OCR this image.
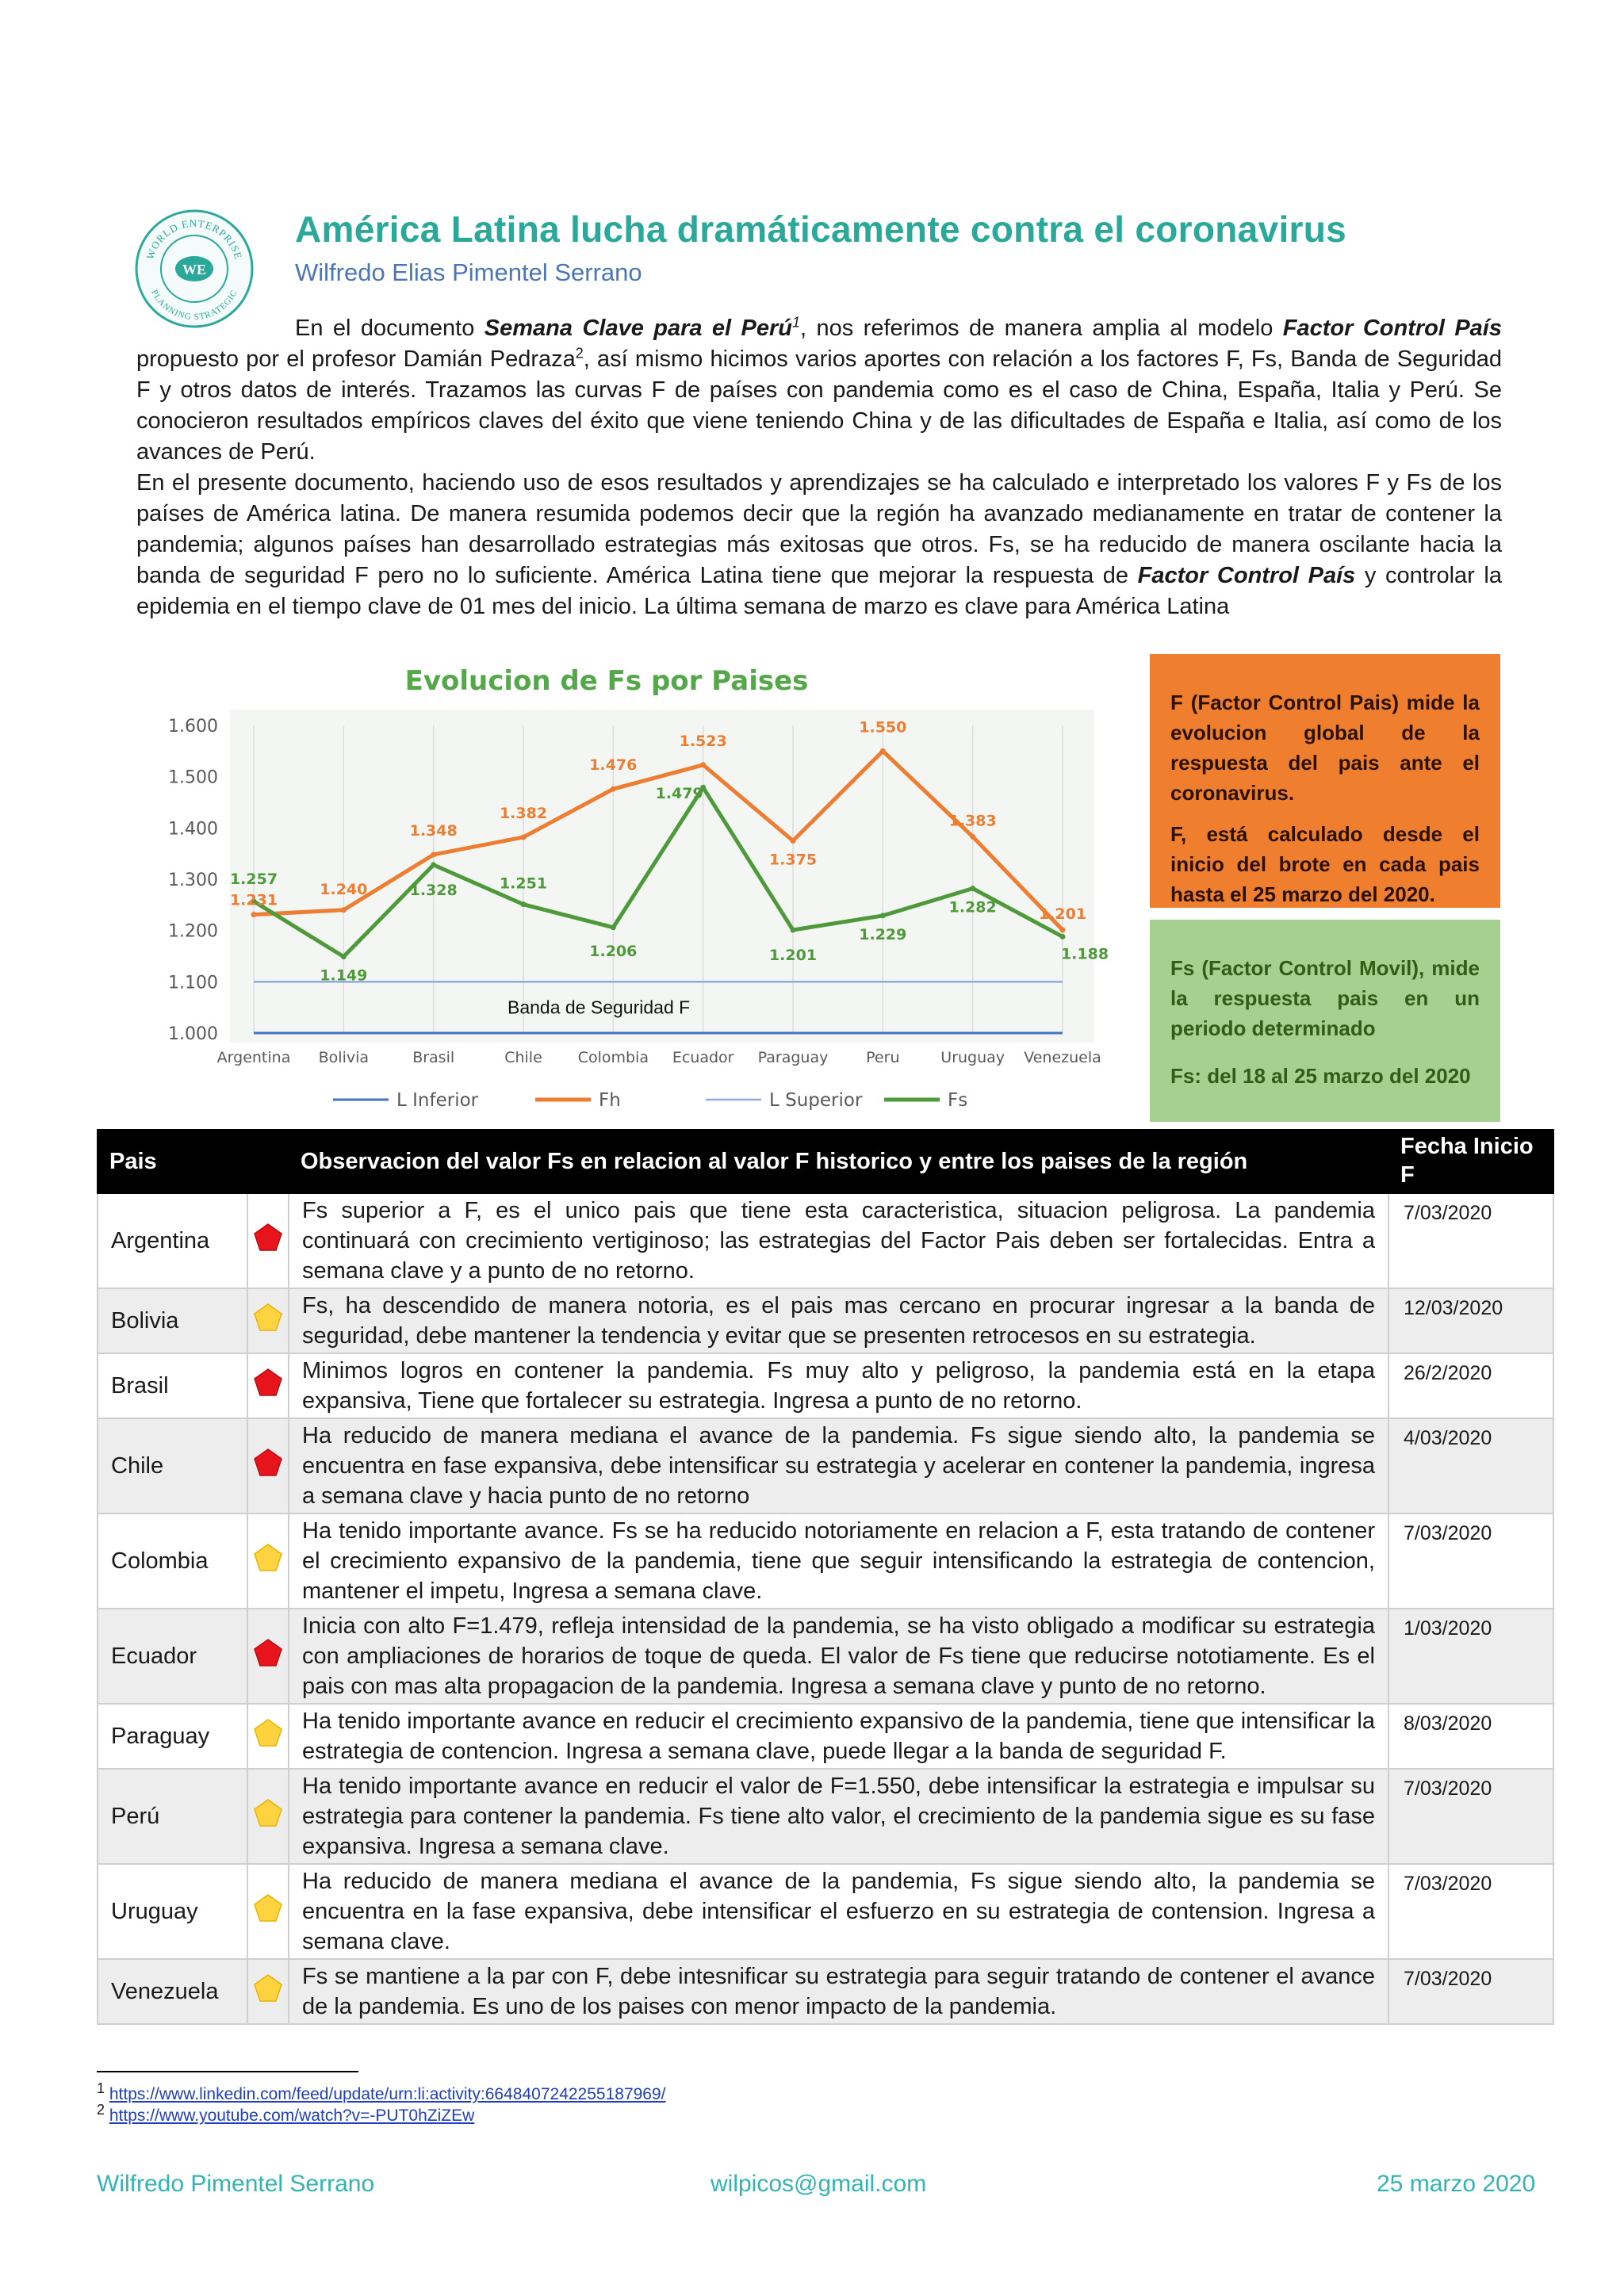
WORLD ENTERPRISE
PLANNING STRATEGIC
WE
América Latina lucha dramáticamente contra el coronavirus
Wilfredo Elias Pimentel Serrano
En el documento Semana Clave para el Perú$^1$, nos referimos de manera amplia al modelo Factor Control País propuesto por el profesor Damián Pedraza$^2$, así mismo hicimos varios aportes con relación a los factores F, Fs, Banda de Seguridad F y otros datos de interés. Trazamos las curvas F de países con pandemia como es el caso de China, España, Italia y Perú. Se conocieron resultados empíricos claves del éxito que viene teniendo China y de las dificultades de España e Italia, así como de los avances de Perú.
En el presente documento, haciendo uso de esos resultados y aprendizajes se ha calculado e interpretado los valores F y Fs de los países de América latina. De manera resumida podemos decir que la región ha avanzado medianamente en tratar de contener la pandemia; algunos países han desarrollado estrategias más exitosas que otros. Fs, se ha reducido de manera oscilante hacia la banda de seguridad F pero no lo suficiente. América Latina tiene que mejorar la respuesta de Factor Control País y controlar la epidemia en el tiempo clave de 01 mes del inicio. La última semana de marzo es clave para América Latina
Evolucion de Fs por Paises
1.000
1.100
1.200
1.300
1.400
1.500
1.600
Argentina Bolivia	Brasil	Chile Colombia Ecuador Paraguay	Peru	Uruguay Venezuela
1.231
1.240
1.348
1.382
1.476
1.523
1.375
1.550
1.383
1.201
1.257
1.149
1.328	1.251
1.206
1.479
1.201
1.229
1.282
1.188
Banda de Seguridad F
L Inferior	Fh	L Superior	Fs

F (Factor Control Pais) mide la evolucion global de la respuesta del pais ante el coronavirus.

F, está calculado desde el inicio del brote en cada pais hasta el 25 marzo del 2020.

Fs (Factor Control Movil), mide la respuesta pais en un periodo determinado

Fs: del 18 al 25 marzo del 2020

Pais		Observacion del valor Fs en relacion al valor F historico y entre los paises de la región	Fecha Inicio F
Argentina		Fs superior a F, es el unico pais que tiene esta caracteristica, situacion peligrosa. La pandemia continuará con crecimiento vertiginoso; las estrategias del Factor Pais deben ser fortalecidas. Entra a semana clave y a punto de no retorno.	7/03/2020
Bolivia		Fs, ha descendido de manera notoria, es el pais mas cercano en procurar ingresar a la banda de seguridad, debe mantener la tendencia y evitar que se presenten retrocesos en su estrategia.	12/03/2020
Brasil		Minimos logros en contener la pandemia. Fs muy alto y peligroso, la pandemia está en la etapa expansiva, Tiene que fortalecer su estrategia. Ingresa a punto de no retorno.	26/2/2020
Chile		Ha reducido de manera mediana el avance de la pandemia. Fs sigue siendo alto, la pandemia se encuentra en fase expansiva, debe intensificar su estrategia y acelerar en contener la pandemia, ingresa a semana clave y hacia punto de no retorno	4/03/2020
Colombia		Ha tenido importante avance. Fs se ha reducido notoriamente en relacion a F, esta tratando de contener el crecimiento expansivo de la pandemia, tiene que seguir intensificando la estrategia de contencion, mantener el impetu, Ingresa a semana clave.	7/03/2020
Ecuador		Inicia con alto F=1.479, refleja intensidad de la pandemia, se ha visto obligado a modificar su estrategia con ampliaciones de horarios de toque de queda. El valor de Fs tiene que reducirse nototiamente. Es el pais con mas alta propagacion de la pandemia. Ingresa a semana clave y punto de no retorno.	1/03/2020
Paraguay		Ha tenido importante avance en reducir el crecimiento expansivo de la pandemia, tiene que intensificar la estrategia de contencion. Ingresa a semana clave, puede llegar a la banda de seguridad F.	8/03/2020
Perú		Ha tenido importante avance en reducir el valor de F=1.550, debe intensificar la estrategia e impulsar su estrategia para contener la pandemia. Fs tiene alto valor, el crecimiento de la pandemia sigue es su fase expansiva. Ingresa a semana clave.	7/03/2020
Uruguay		Ha reducido de manera mediana el avance de la pandemia, Fs sigue siendo alto, la pandemia se encuentra en la fase expansiva, debe intensificar el esfuerzo en su estrategia de contension. Ingresa a semana clave.	7/03/2020
Venezuela		Fs se mantiene a la par con F, debe intesnificar su estrategia para seguir tratando de contener el avance de la pandemia. Es uno de los paises con menor impacto de la pandemia.	7/03/2020
$^1$ https://www.linkedin.com/feed/update/urn:li:activity:6648407242255187969/
$^2$ https://www.youtube.com/watch?v=-PUT0hZiZEw
Wilfredo Pimentel Serrano	wilpicos@gmail.com	25 marzo 2020
